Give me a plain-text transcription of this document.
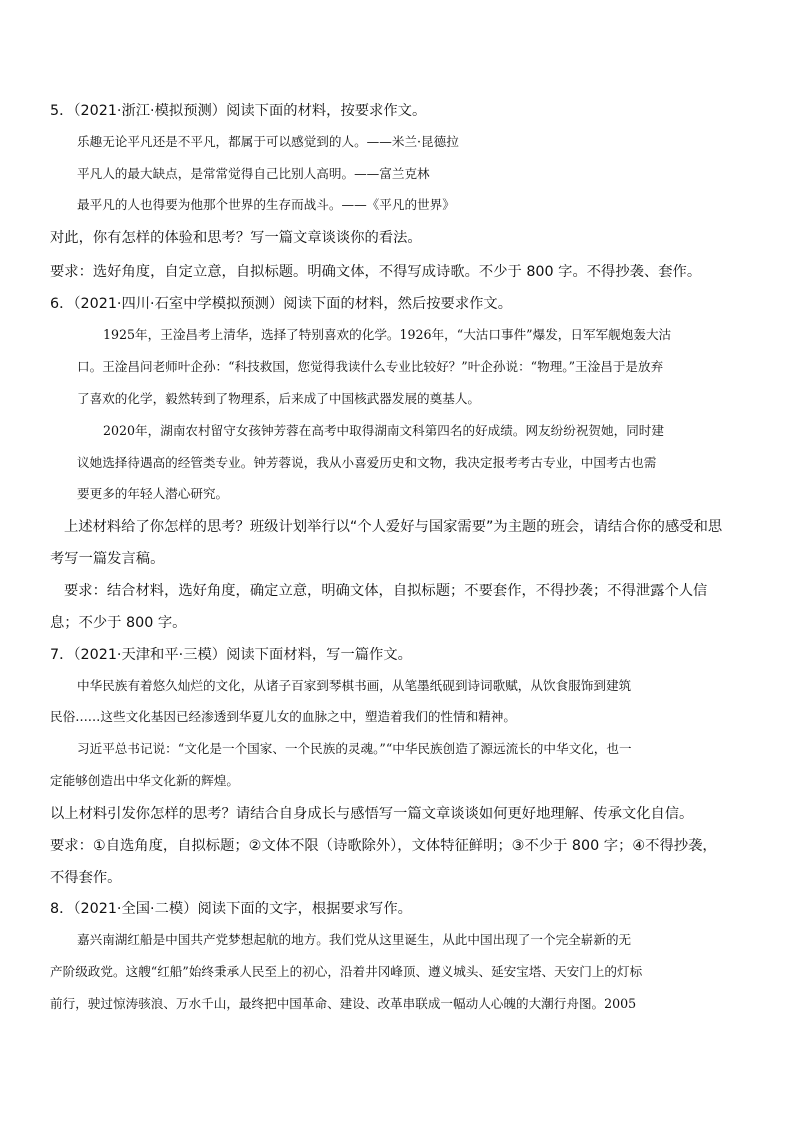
5．（2021·浙江·模拟预测）阅读下面的材料，按要求作文。
乐趣无论平凡还是不平凡，都属于可以感觉到的人。——米兰·昆德拉
平凡人的最大缺点，是常常觉得自己比别人高明。——富兰克林
最平凡的人也得要为他那个世界的生存而战斗。——《平凡的世界》
对此，你有怎样的体验和思考？写一篇文章谈谈你的看法。
要求：选好角度，自定立意，自拟标题。明确文体，不得写成诗歌。不少于 800 字。不得抄袭、套作。
6．（2021·四川·石室中学模拟预测）阅读下面的材料，然后按要求作文。
1925年，王淦昌考上清华，选择了特别喜欢的化学。1926年，“大沽口事件”爆发，日军军舰炮轰大沽
口。王淦昌问老师叶企孙：“科技救国，您觉得我读什么专业比较好？”叶企孙说：“物理。”王淦昌于是放弃
了喜欢的化学，毅然转到了物理系，后来成了中国核武器发展的奠基人。
2020年，湖南农村留守女孩钟芳蓉在高考中取得湖南文科第四名的好成绩。网友纷纷祝贺她，同时建
议她选择待遇高的经管类专业。钟芳蓉说，我从小喜爱历史和文物，我决定报考考古专业，中国考古也需
要更多的年轻人潜心研究。
上述材料给了你怎样的思考？班级计划举行以“个人爱好与国家需要”为主题的班会，请结合你的感受和思
考写一篇发言稿。
要求：结合材料，选好角度，确定立意，明确文体，自拟标题；不要套作，不得抄袭；不得泄露个人信
息；不少于 800 字。
7．（2021·天津和平·三模）阅读下面材料，写一篇作文。
中华民族有着悠久灿烂的文化，从诸子百家到琴棋书画，从笔墨纸砚到诗词歌赋，从饮食服饰到建筑
民俗……这些文化基因已经渗透到华夏儿女的血脉之中，塑造着我们的性情和精神。
习近平总书记说：“文化是一个国家、一个民族的灵魂。”“中华民族创造了源远流长的中华文化，也一
定能够创造出中华文化新的辉煌。
以上材料引发你怎样的思考？请结合自身成长与感悟写一篇文章谈谈如何更好地理解、传承文化自信。
要求：①自选角度，自拟标题；②文体不限（诗歌除外），文体特征鲜明；③不少于 800 字；④不得抄袭，
不得套作。
8．（2021·全国·二模）阅读下面的文字，根据要求写作。
嘉兴南湖红船是中国共产党梦想起航的地方。我们党从这里诞生，从此中国出现了一个完全崭新的无
产阶级政党。这艘“红船”始终秉承人民至上的初心，沿着井冈峰顶、遵义城头、延安宝塔、天安门上的灯标
前行，驶过惊涛骇浪、万水千山，最终把中国革命、建设、改革串联成一幅动人心魄的大潮行舟图。2005
